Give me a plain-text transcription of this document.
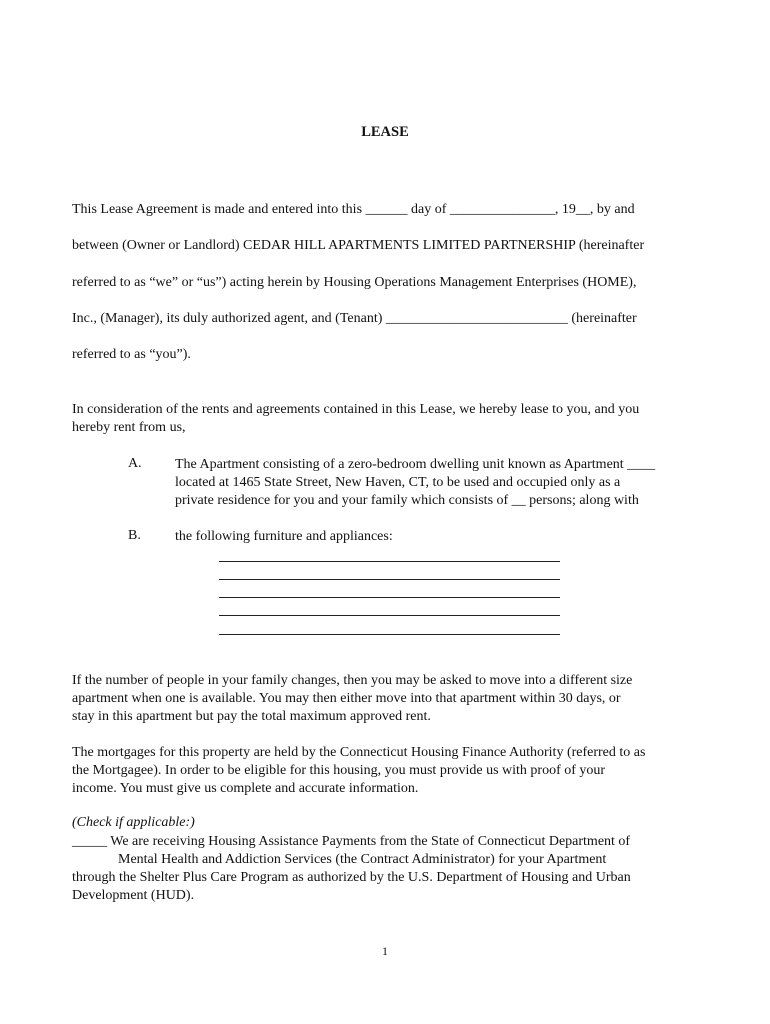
LEASE

This Lease Agreement is made and entered into this ______ day of _______________, 19__, by and

between (Owner or Landlord) CEDAR HILL APARTMENTS LIMITED PARTNERSHIP (hereinafter

referred to as “we” or “us”) acting herein by Housing Operations Management Enterprises (HOME),

Inc., (Manager), its duly authorized agent, and (Tenant) __________________________ (hereinafter

referred to as “you”).

In consideration of the rents and agreements contained in this Lease, we hereby lease to you, and you
hereby rent from us,

A. The Apartment consisting of a zero-bedroom dwelling unit known as Apartment ____
located at 1465 State Street, New Haven, CT, to be used and occupied only as a
private residence for you and your family which consists of __ persons; along with

B. the following furniture and appliances:
If the number of people in your family changes, then you may be asked to move into a different size
apartment when one is available. You may then either move into that apartment within 30 days, or
stay in this apartment but pay the total maximum approved rent.
The mortgages for this property are held by the Connecticut Housing Finance Authority (referred to as
the Mortgagee). In order to be eligible for this housing, you must provide us with proof of your
income. You must give us complete and accurate information.

(Check if applicable:)

_____ We are receiving Housing Assistance Payments from the State of Connecticut Department of
Mental Health and Addiction Services (the Contract Administrator) for your Apartment
through the Shelter Plus Care Program as authorized by the U.S. Department of Housing and Urban
Development (HUD).

1
